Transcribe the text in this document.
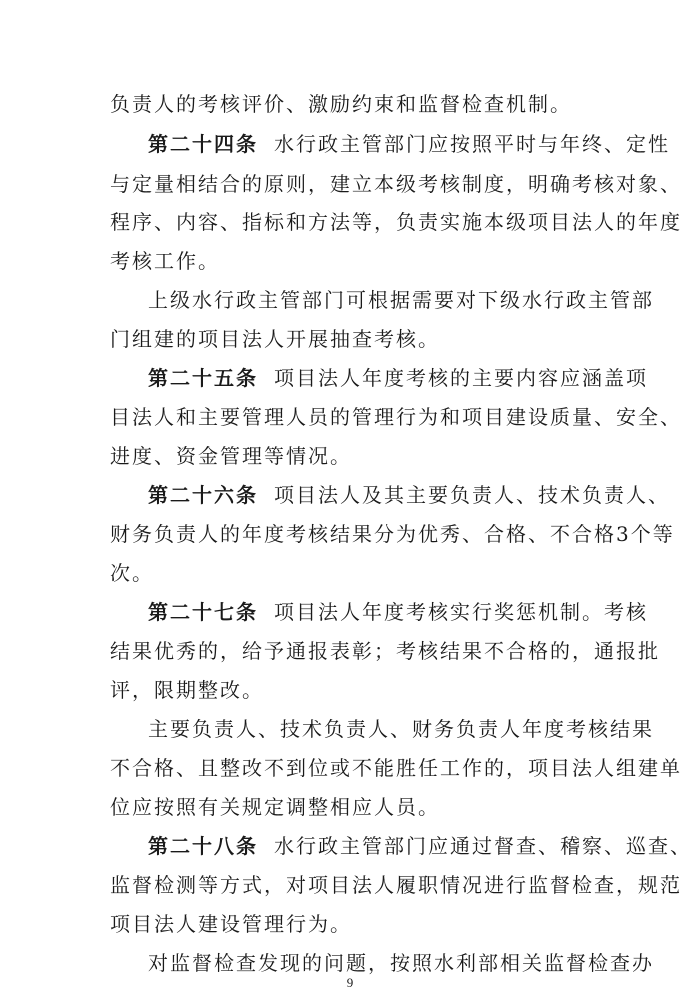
负责人的考核评价、激励约束和监督检查机制。
第二十四条 水行政主管部门应按照平时与年终、定性
与定量相结合的原则，建立本级考核制度，明确考核对象、
程序、内容、指标和方法等，负责实施本级项目法人的年度
考核工作。
上级水行政主管部门可根据需要对下级水行政主管部
门组建的项目法人开展抽查考核。
第二十五条 项目法人年度考核的主要内容应涵盖项
目法人和主要管理人员的管理行为和项目建设质量、安全、
进度、资金管理等情况。
第二十六条 项目法人及其主要负责人、技术负责人、
财务负责人的年度考核结果分为优秀、合格、不合格3个等
次。
第二十七条 项目法人年度考核实行奖惩机制。考核
结果优秀的，给予通报表彰；考核结果不合格的，通报批
评，限期整改。
主要负责人、技术负责人、财务负责人年度考核结果
不合格、且整改不到位或不能胜任工作的，项目法人组建单
位应按照有关规定调整相应人员。
第二十八条 水行政主管部门应通过督查、稽察、巡查、
监督检测等方式，对项目法人履职情况进行监督检查，规范
项目法人建设管理行为。
对监督检查发现的问题，按照水利部相关监督检查办
9
